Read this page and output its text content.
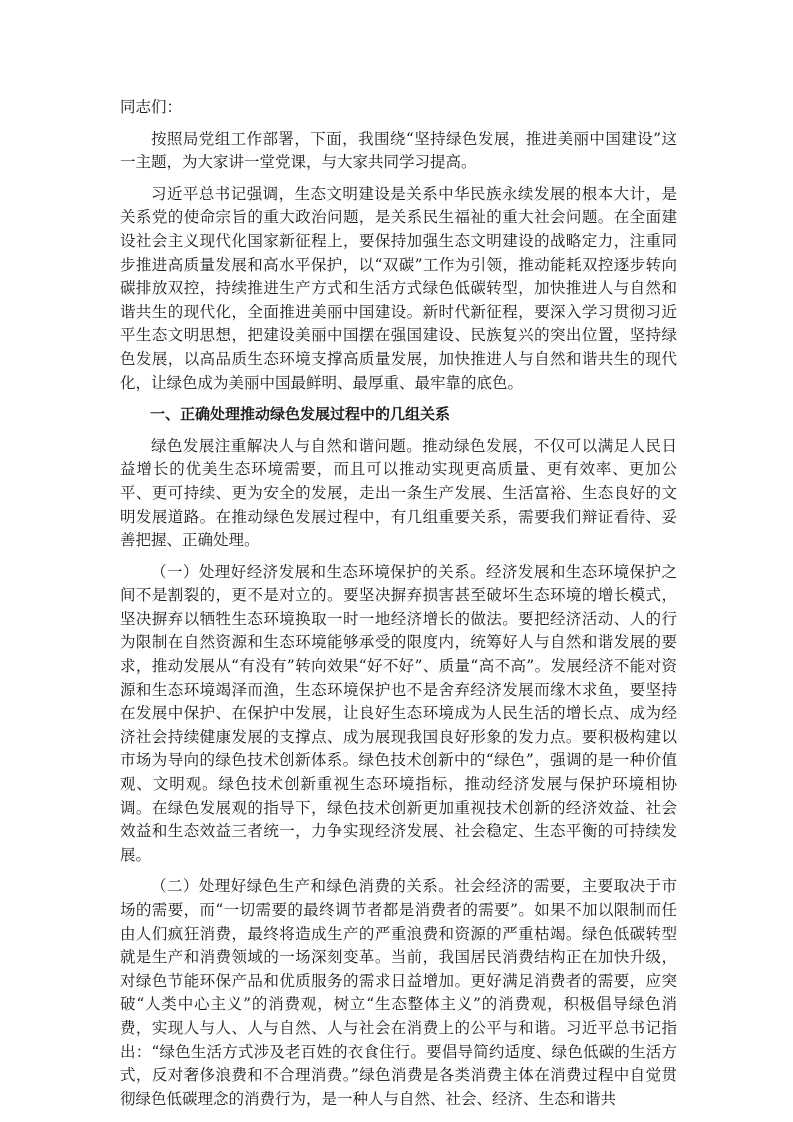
同志们：

按照局党组工作部署，下面，我围绕“坚持绿色发展，推进美丽中国建设”这一主题，为大家讲一堂党课，与大家共同学习提高。

习近平总书记强调，生态文明建设是关系中华民族永续发展的根本大计，是关系党的使命宗旨的重大政治问题，是关系民生福祉的重大社会问题。在全面建设社会主义现代化国家新征程上，要保持加强生态文明建设的战略定力，注重同步推进高质量发展和高水平保护，以“双碳”工作为引领，推动能耗双控逐步转向碳排放双控，持续推进生产方式和生活方式绿色低碳转型，加快推进人与自然和谐共生的现代化，全面推进美丽中国建设。新时代新征程，要深入学习贯彻习近平生态文明思想，把建设美丽中国摆在强国建设、民族复兴的突出位置，坚持绿色发展，以高品质生态环境支撑高质量发展，加快推进人与自然和谐共生的现代化，让绿色成为美丽中国最鲜明、最厚重、最牢靠的底色。

一、正确处理推动绿色发展过程中的几组关系

绿色发展注重解决人与自然和谐问题。推动绿色发展，不仅可以满足人民日益增长的优美生态环境需要，而且可以推动实现更高质量、更有效率、更加公平、更可持续、更为安全的发展，走出一条生产发展、生活富裕、生态良好的文明发展道路。在推动绿色发展过程中，有几组重要关系，需要我们辩证看待、妥善把握、正确处理。

（一）处理好经济发展和生态环境保护的关系。经济发展和生态环境保护之间不是割裂的，更不是对立的。要坚决摒弃损害甚至破坏生态环境的增长模式，坚决摒弃以牺牲生态环境换取一时一地经济增长的做法。要把经济活动、人的行为限制在自然资源和生态环境能够承受的限度内，统筹好人与自然和谐发展的要求，推动发展从“有没有”转向效果“好不好”、质量“高不高”。发展经济不能对资源和生态环境竭泽而渔，生态环境保护也不是舍弃经济发展而缘木求鱼，要坚持在发展中保护、在保护中发展，让良好生态环境成为人民生活的增长点、成为经济社会持续健康发展的支撑点、成为展现我国良好形象的发力点。要积极构建以市场为导向的绿色技术创新体系。绿色技术创新中的“绿色”，强调的是一种价值观、文明观。绿色技术创新重视生态环境指标，推动经济发展与保护环境相协调。在绿色发展观的指导下，绿色技术创新更加重视技术创新的经济效益、社会效益和生态效益三者统一，力争实现经济发展、社会稳定、生态平衡的可持续发展。

（二）处理好绿色生产和绿色消费的关系。社会经济的需要，主要取决于市场的需要，而“一切需要的最终调节者都是消费者的需要”。如果不加以限制而任由人们疯狂消费，最终将造成生产的严重浪费和资源的严重枯竭。绿色低碳转型就是生产和消费领域的一场深刻变革。当前，我国居民消费结构正在加快升级，对绿色节能环保产品和优质服务的需求日益增加。更好满足消费者的需要，应突破“人类中心主义”的消费观，树立“生态整体主义”的消费观，积极倡导绿色消费，实现人与人、人与自然、人与社会在消费上的公平与和谐。习近平总书记指出：“绿色生活方式涉及老百姓的衣食住行。要倡导简约适度、绿色低碳的生活方式，反对奢侈浪费和不合理消费。”绿色消费是各类消费主体在消费过程中自觉贯彻绿色低碳理念的消费行为，是一种人与自然、社会、经济、生态和谐共
